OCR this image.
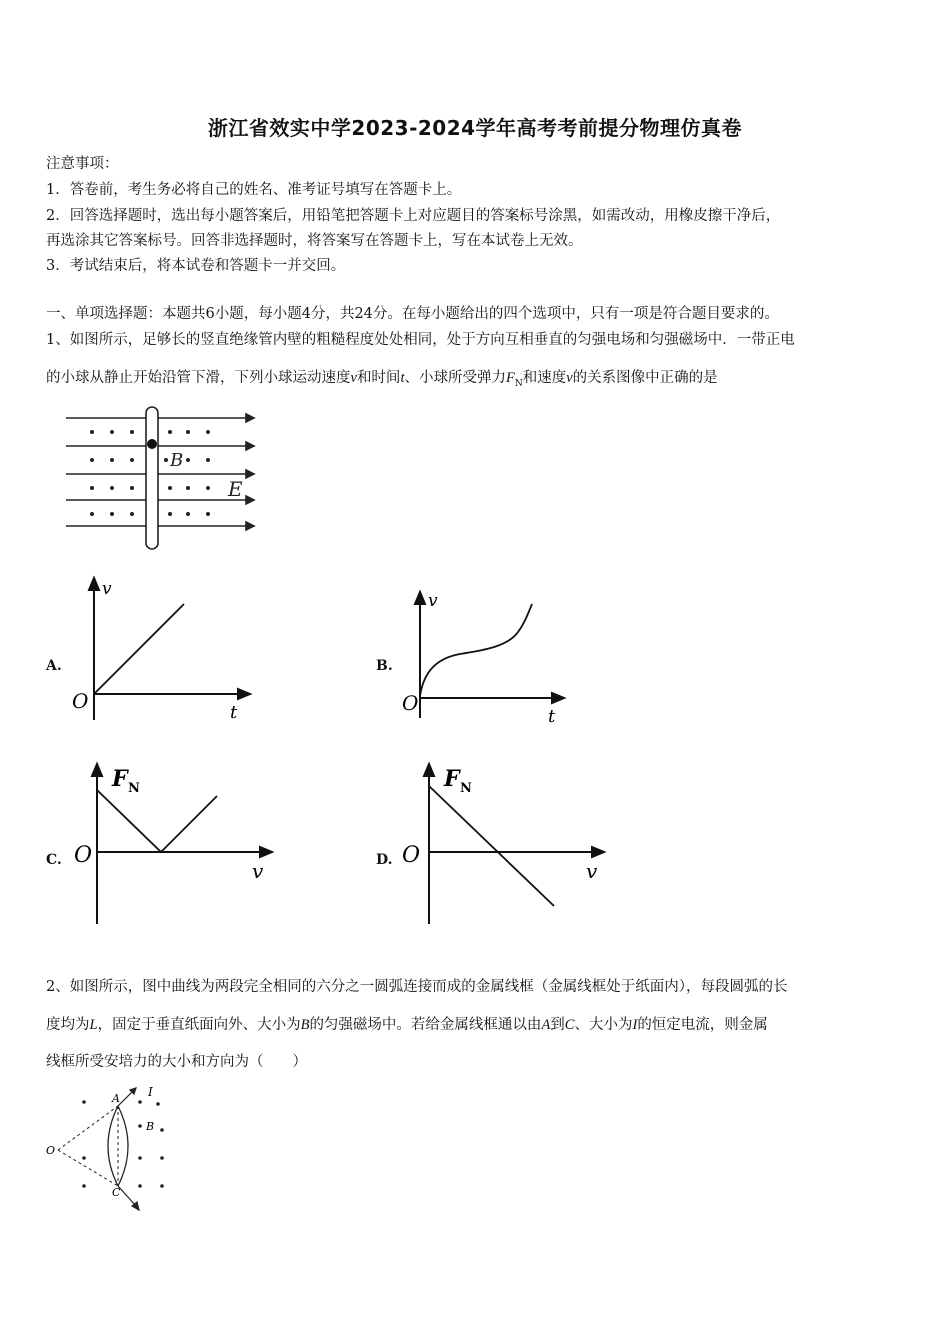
浙江省效实中学2023-2024学年高考考前提分物理仿真卷
注意事项：
1．答卷前，考生务必将自己的姓名、准考证号填写在答题卡上。
2．回答选择题时，选出每小题答案后，用铅笔把答题卡上对应题目的答案标号涂黑，如需改动，用橡皮擦干净后，
再选涂其它答案标号。回答非选择题时，将答案写在答题卡上，写在本试卷上无效。
3．考试结束后，将本试卷和答题卡一并交回。
一、单项选择题：本题共6小题，每小题4分，共24分。在每小题给出的四个选项中，只有一项是符合题目要求的。
1、如图所示，足够长的竖直绝缘管内壁的粗糙程度处处相同，处于方向互相垂直的匀强电场和匀强磁场中．一带正电
的小球从静止开始沿管下滑，下列小球运动速度v和时间t、小球所受弹力$F_N$和速度v的关系图像中正确的是
B
E
A.
v
O	t
B.
v
O
t
C.
F N
O
v	D.
F N
O
v
2、如图所示，图中曲线为两段完全相同的六分之一圆弧连接而成的金属线框（金属线框处于纸面内），每段圆弧的长
度均为L，固定于垂直纸面向外、大小为B的匀强磁场中。若给金属线框通以由A到C、大小为I的恒定电流，则金属
线框所受安培力的大小和方向为（　　）
A I
B
O
C
